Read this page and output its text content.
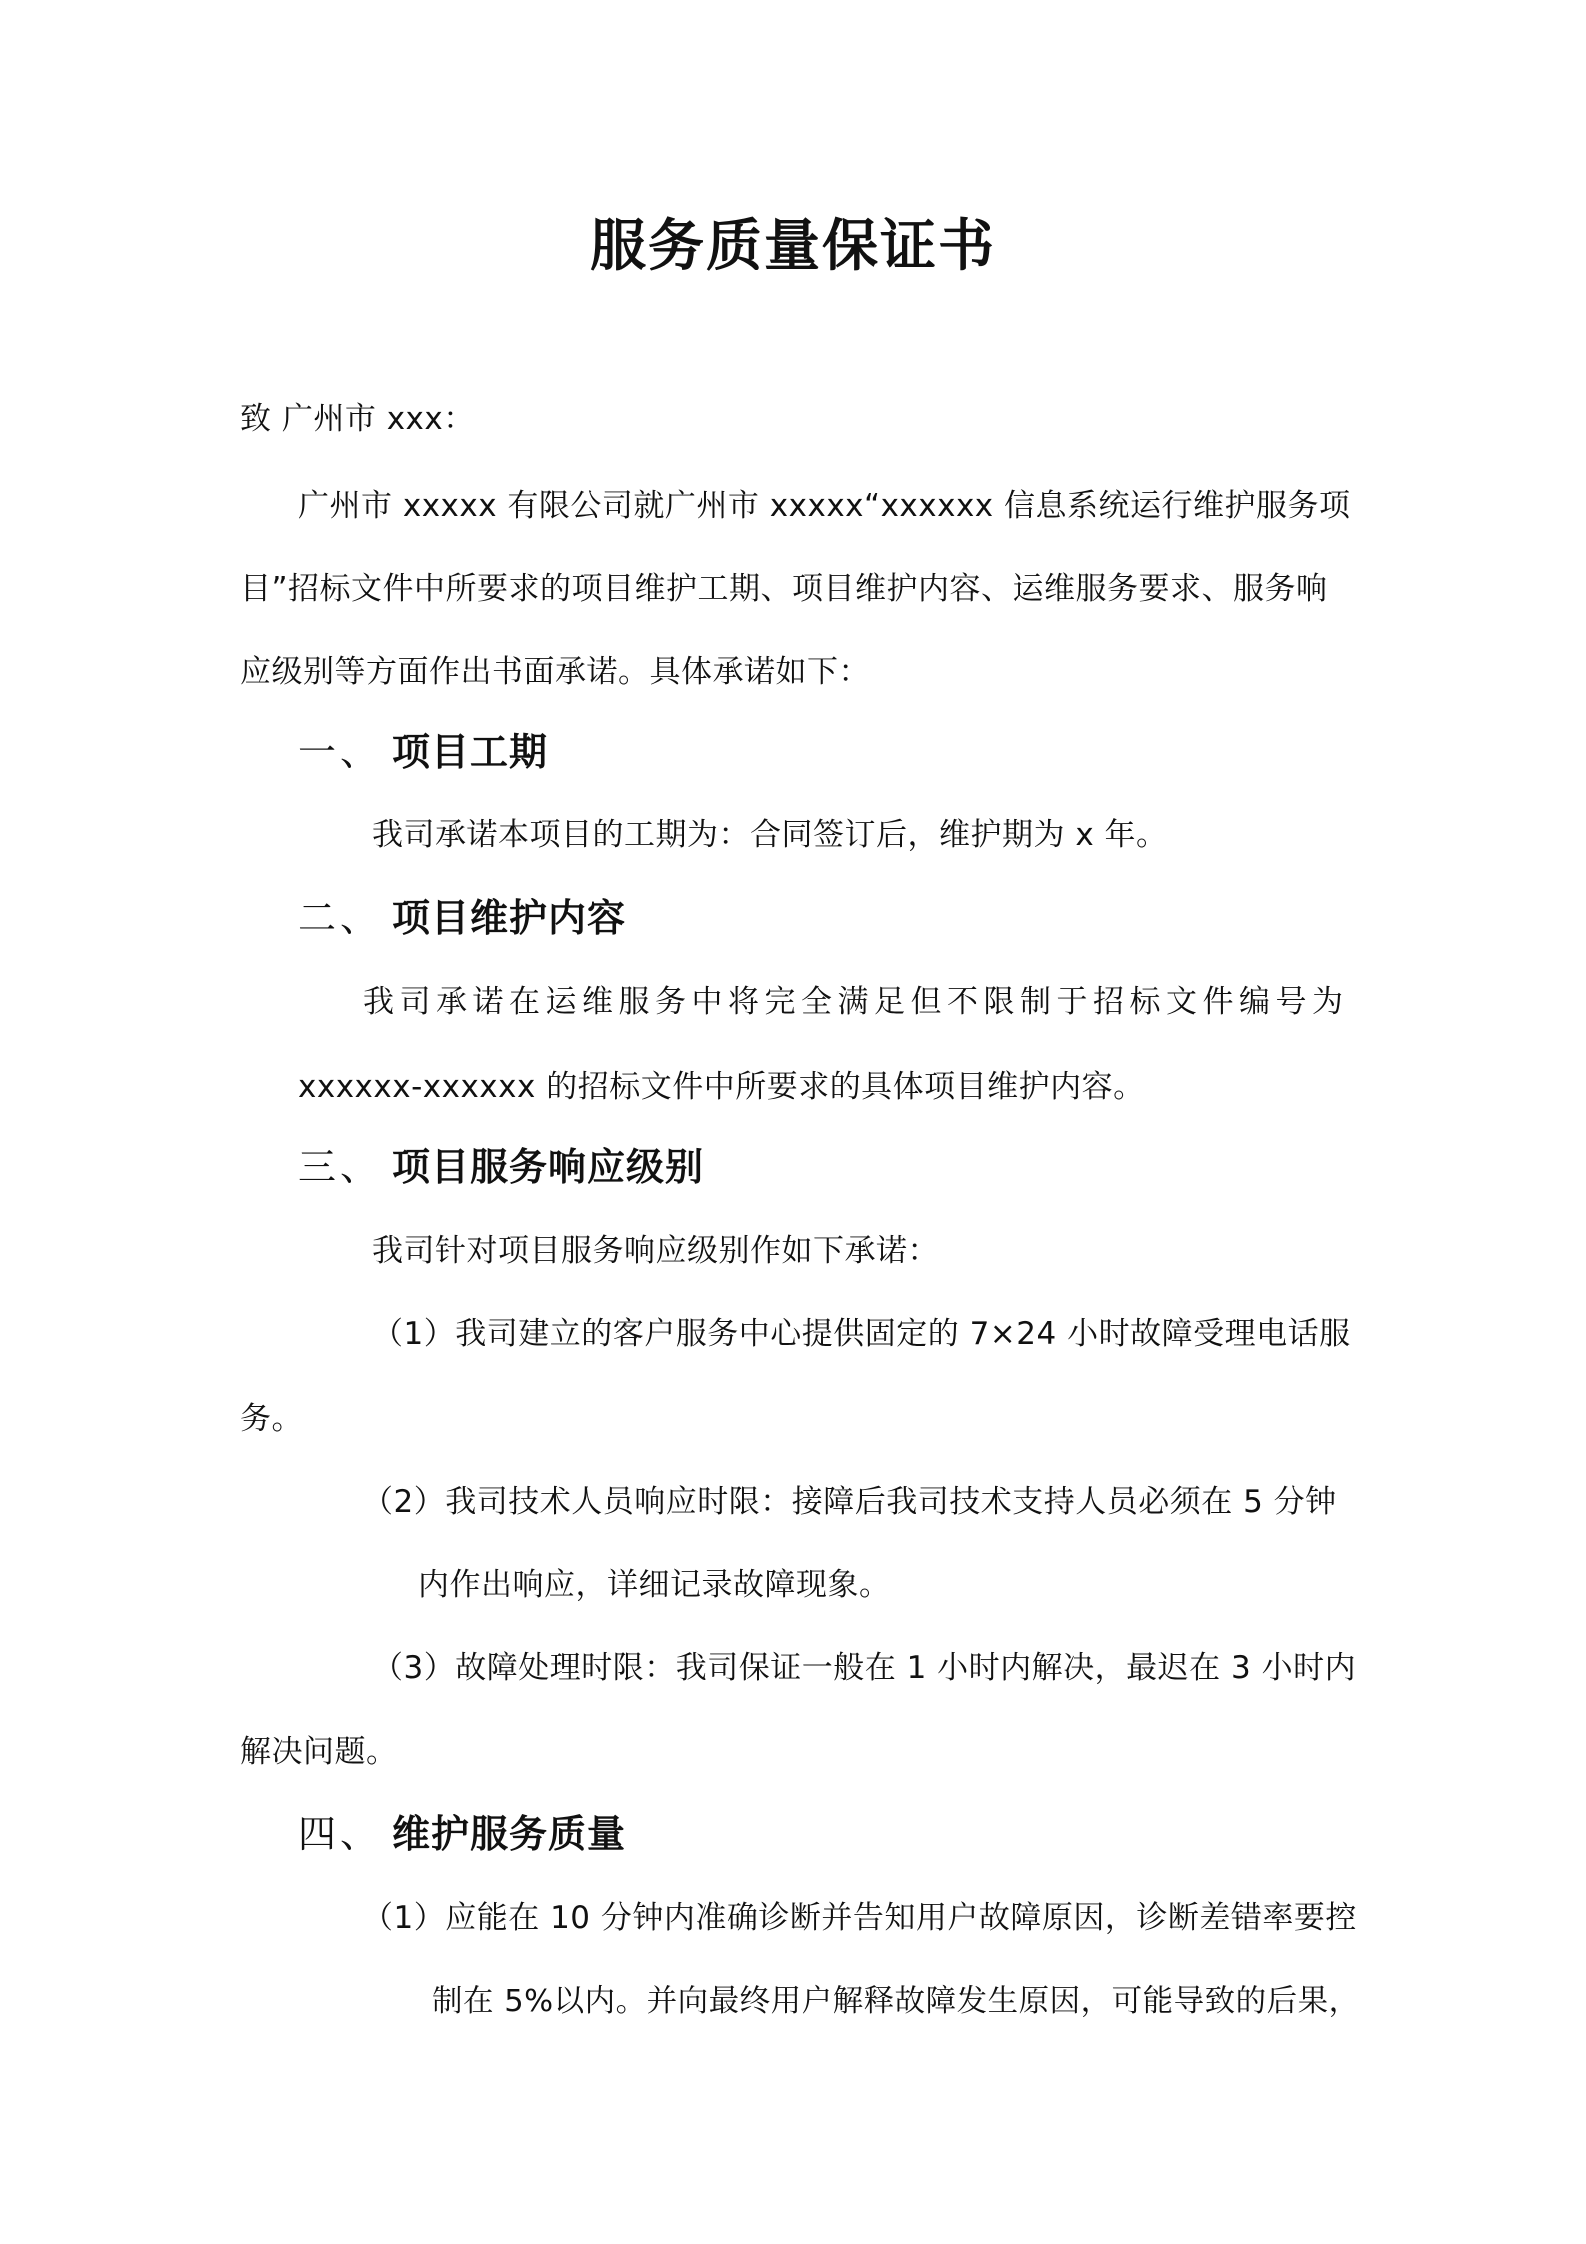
服务质量保证书
致 广州市 xxx：
广州市 xxxxx 有限公司就广州市 xxxxx“xxxxxx 信息系统运行维护服务项
目”招标文件中所要求的项目维护工期、项目维护内容、运维服务要求、服务响
应级别等方面作出书面承诺。具体承诺如下：
一、 项目工期
我司承诺本项目的工期为：合同签订后，维护期为 x 年。
二、 项目维护内容
我司承诺在运维服务中将完全满足但不限制于招标文件编号为
xxxxxx-xxxxxx 的招标文件中所要求的具体项目维护内容。
三、 项目服务响应级别
我司针对项目服务响应级别作如下承诺：
（1）我司建立的客户服务中心提供固定的 7×24 小时故障受理电话服
务。
（2）我司技术人员响应时限：接障后我司技术支持人员必须在 5 分钟
内作出响应，详细记录故障现象。
（3）故障处理时限：我司保证一般在 1 小时内解决，最迟在 3 小时内
解决问题。
四、 维护服务质量
（1）应能在 10 分钟内准确诊断并告知用户故障原因，诊断差错率要控
制在 5%以内。并向最终用户解释故障发生原因，可能导致的后果，
